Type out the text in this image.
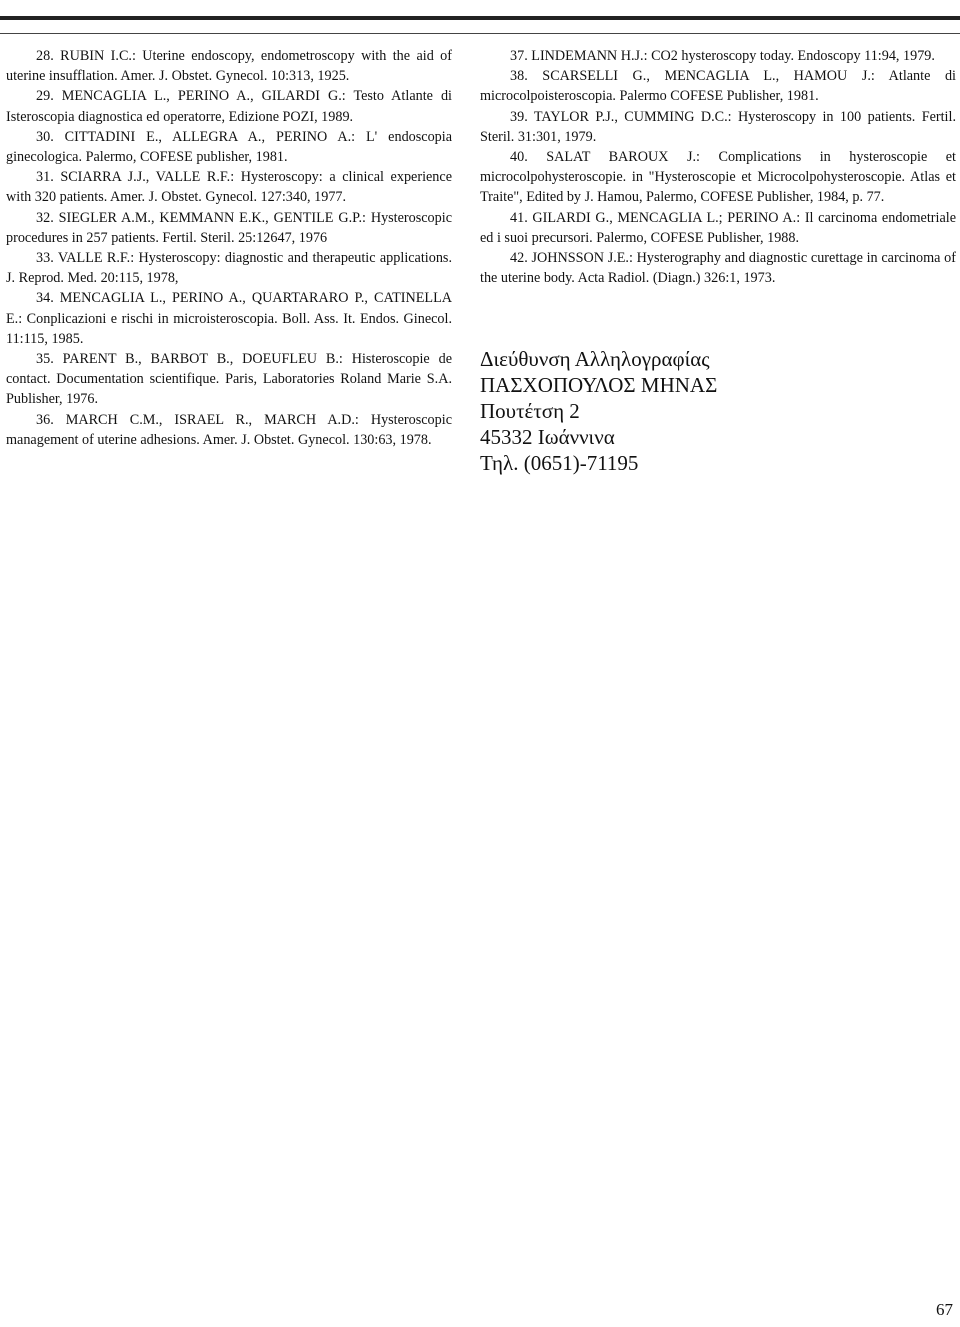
28. RUBIN I.C.: Uterine endoscopy, endometroscopy with the aid of uterine insufflation. Amer. J. Obstet. Gynecol. 10:313, 1925.

29. MENCAGLIA L., PERINO A., GILARDI G.: Testo Atlante di Isteroscopia diagnostica ed operatorre, Edizione POZI, 1989.

30. CITTADINI E., ALLEGRA A., PERINO A.: L' endoscopia ginecologica. Palermo, COFESE publisher, 1981.

31. SCIARRA J.J., VALLE R.F.: Hysteroscopy: a clinical experience with 320 patients. Amer. J. Obstet. Gynecol. 127:340, 1977.

32. SIEGLER A.M., KEMMANN E.K., GENTILE G.P.: Hysteroscopic procedures in 257 patients. Fertil. Steril. 25:12647, 1976

33. VALLE R.F.: Hysteroscopy: diagnostic and therapeutic applications. J. Reprod. Med. 20:115, 1978,

34. MENCAGLIA L., PERINO A., QUARTARARO P., CATINELLA E.: Conplicazioni e rischi in microisteroscopia. Boll. Ass. It. Endos. Ginecol. 11:115, 1985.

35. PARENT B., BARBOT B., DOEUFLEU B.: Histeroscopie de contact. Documentation scientifique. Paris, Laboratories Roland Marie S.A. Publisher, 1976.

36. MARCH C.M., ISRAEL R., MARCH A.D.: Hysteroscopic management of uterine adhesions. Amer. J. Obstet. Gynecol. 130:63, 1978.

37. LINDEMANN H.J.: CO2 hysteroscopy today. Endoscopy 11:94, 1979.

38. SCARSELLI G., MENCAGLIA L., HAMOU J.: Atlante di microcolpoisteroscopia. Palermo COFESE Publisher, 1981.

39. TAYLOR P.J., CUMMING D.C.: Hysteroscopy in 100 patients. Fertil. Steril. 31:301, 1979.

40. SALAT BAROUX J.: Complications in hysteroscopie et microcolpohysteroscopie. in "Hysteroscopie et Microcolpohysteroscopie. Atlas et Traite", Edited by J. Hamou, Palermo, COFESE Publisher, 1984, p. 77.

41. GILARDI G., MENCAGLIA L.; PERINO A.: Il carcinoma endometriale ed i suoi precursori. Palermo, COFESE Publisher, 1988.

42. JOHNSSON J.E.: Hysterography and diagnostic curettage in carcinoma of the uterine body. Acta Radiol. (Diagn.) 326:1, 1973.

Διεύθυνση Αλληλογραφίας
ΠΑΣΧΟΠΟΥΛΟΣ ΜΗΝΑΣ
Πουτέτση 2
45332 Ιωάννινα
Τηλ. (0651)-71195
67
